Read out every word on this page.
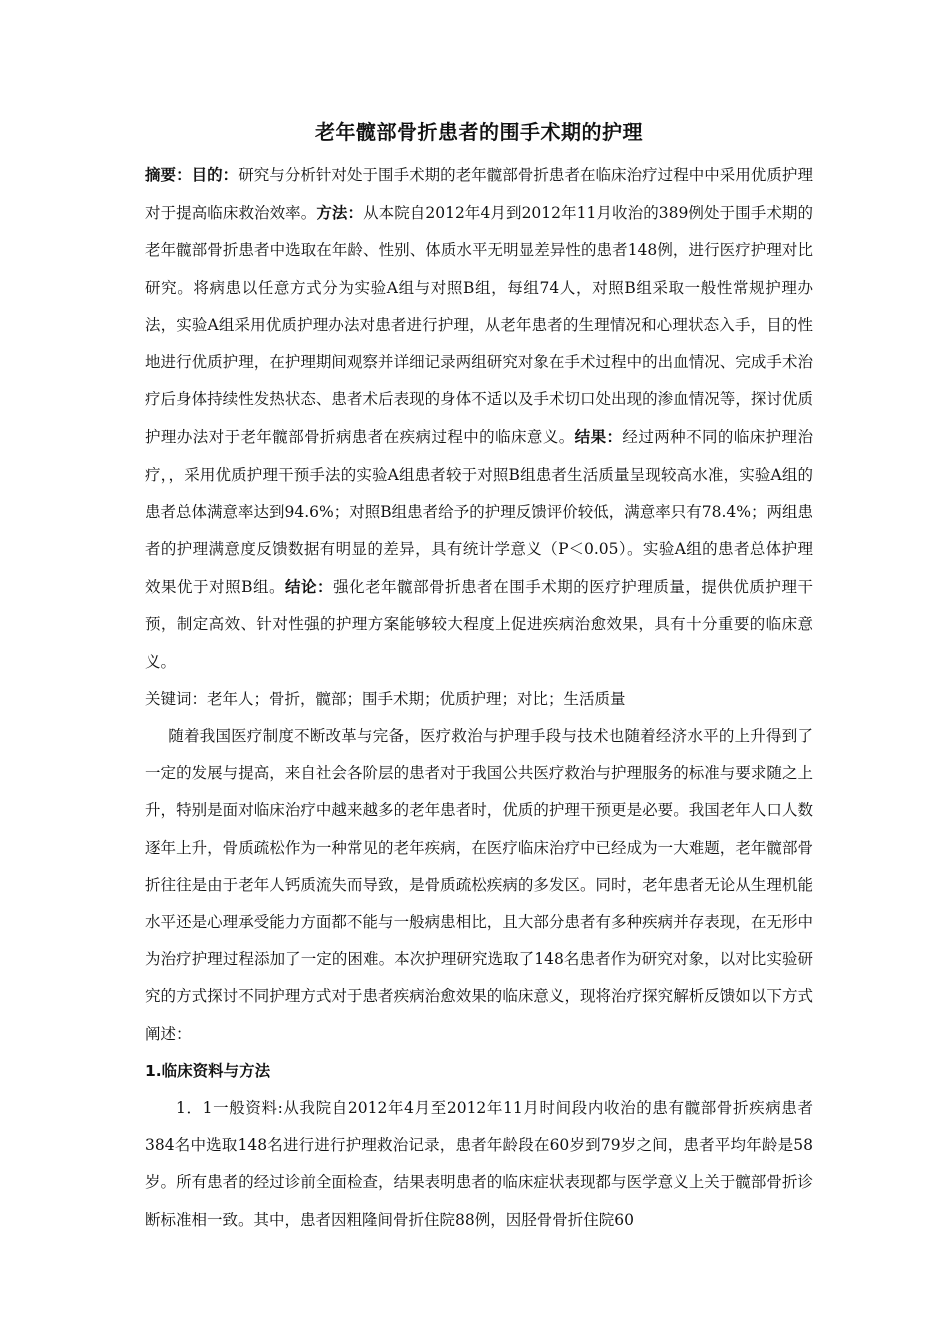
老年髋部骨折患者的围手术期的护理

摘要：目的：研究与分析针对处于围手术期的老年髋部骨折患者在临床治疗过程中中采用优质护理对于提高临床救治效率。方法：从本院自2012年4月到2012年11月收治的389例处于围手术期的老年髋部骨折患者中选取在年龄、性别、体质水平无明显差异性的患者148例，进行医疗护理对比研究。将病患以任意方式分为实验A组与对照B组，每组74人，对照B组采取一般性常规护理办法，实验A组采用优质护理办法对患者进行护理，从老年患者的生理情况和心理状态入手，目的性地进行优质护理，在护理期间观察并详细记录两组研究对象在手术过程中的出血情况、完成手术治疗后身体持续性发热状态、患者术后表现的身体不适以及手术切口处出现的渗血情况等，探讨优质护理办法对于老年髋部骨折病患者在疾病过程中的临床意义。结果：经过两种不同的临床护理治疗，，采用优质护理干预手法的实验A组患者较于对照B组患者生活质量呈现较高水准，实验A组的患者总体满意率达到94.6%；对照B组患者给予的护理反馈评价较低，满意率只有78.4%；两组患者的护理满意度反馈数据有明显的差异，具有统计学意义（P＜0.05）。实验A组的患者总体护理效果优于对照B组。结论：强化老年髋部骨折患者在围手术期的医疗护理质量，提供优质护理干预，制定高效、针对性强的护理方案能够较大程度上促进疾病治愈效果，具有十分重要的临床意义。

关键词：老年人；骨折，髋部；围手术期；优质护理；对比；生活质量

随着我国医疗制度不断改革与完备，医疗救治与护理手段与技术也随着经济水平的上升得到了一定的发展与提高，来自社会各阶层的患者对于我国公共医疗救治与护理服务的标准与要求随之上升，特别是面对临床治疗中越来越多的老年患者时，优质的护理干预更是必要。我国老年人口人数逐年上升，骨质疏松作为一种常见的老年疾病，在医疗临床治疗中已经成为一大难题，老年髋部骨折往往是由于老年人钙质流失而导致，是骨质疏松疾病的多发区。同时，老年患者无论从生理机能水平还是心理承受能力方面都不能与一般病患相比，且大部分患者有多种疾病并存表现，在无形中为治疗护理过程添加了一定的困难。本次护理研究选取了148名患者作为研究对象，以对比实验研究的方式探讨不同护理方式对于患者疾病治愈效果的临床意义，现将治疗探究解析反馈如以下方式阐述：

1.临床资料与方法

1．1一般资料:从我院自2012年4月至2012年11月时间段内收治的患有髋部骨折疾病患者384名中选取148名进行进行护理救治记录，患者年龄段在60岁到79岁之间，患者平均年龄是58岁。所有患者的经过诊前全面检查，结果表明患者的临床症状表现都与医学意义上关于髋部骨折诊断标准相一致。其中，患者因粗隆间骨折住院88例，因胫骨骨折住院60
